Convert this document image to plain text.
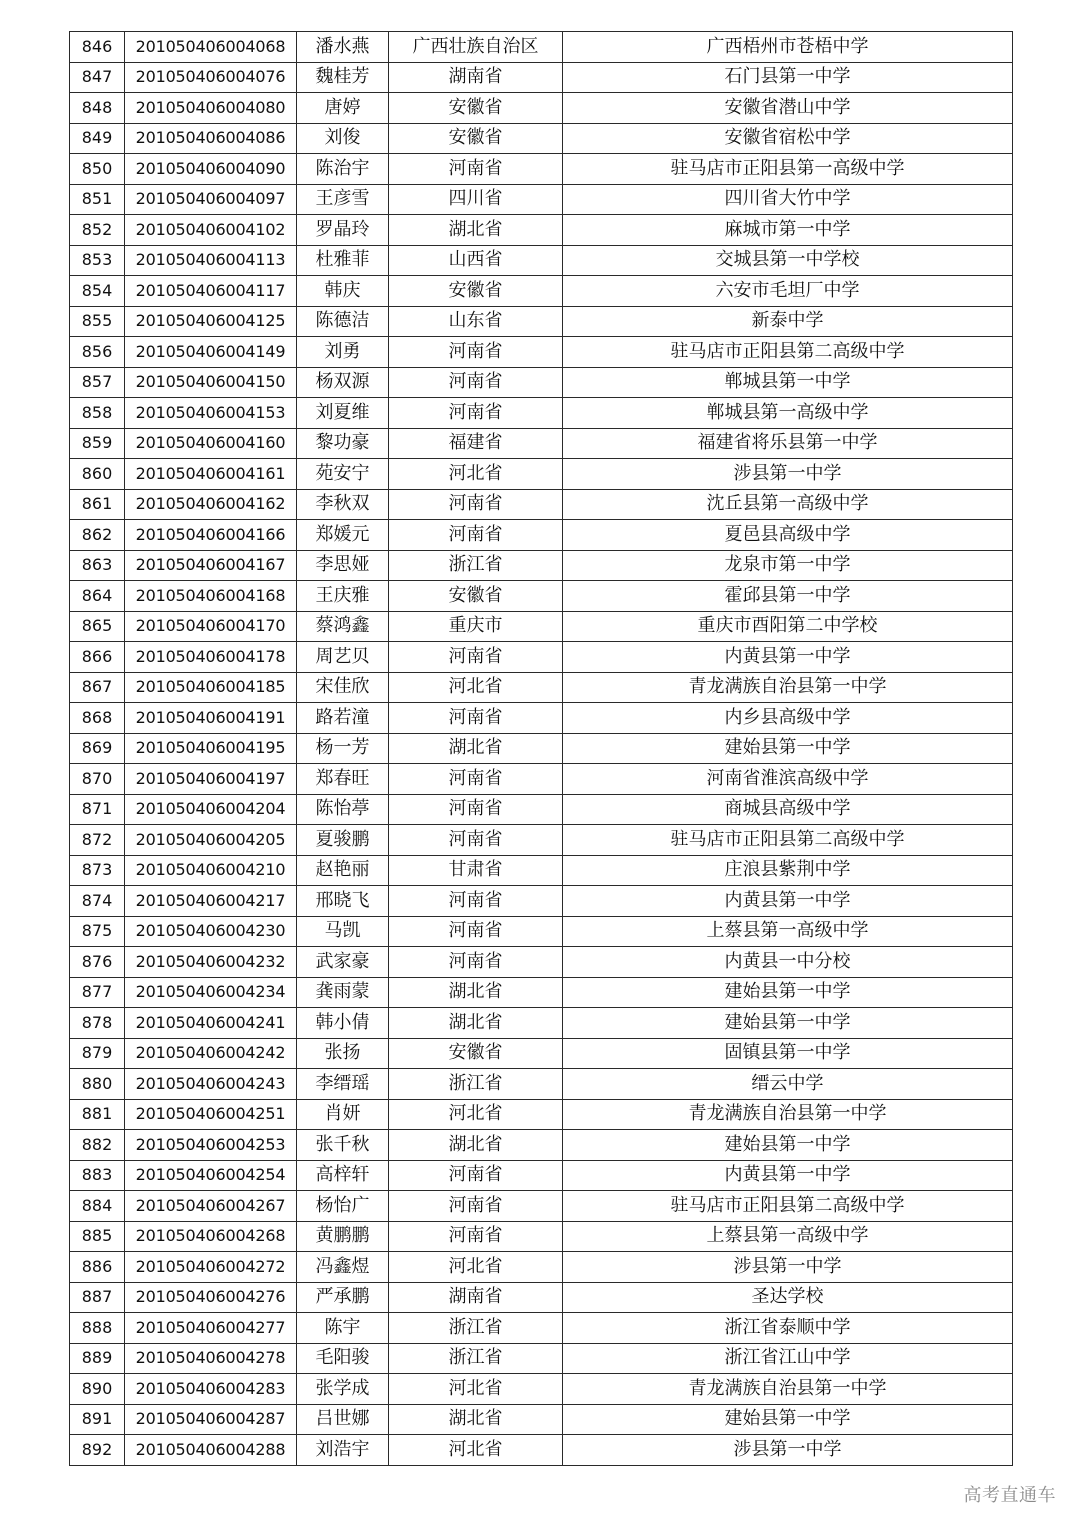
846	201050406004068	潘水燕	广西壮族自治区	广西梧州市苍梧中学
847	201050406004076	魏桂芳	湖南省	石门县第一中学
848	201050406004080	唐婷	安徽省	安徽省潜山中学
849	201050406004086	刘俊	安徽省	安徽省宿松中学
850	201050406004090	陈治宇	河南省	驻马店市正阳县第一高级中学
851	201050406004097	王彦雪	四川省	四川省大竹中学
852	201050406004102	罗晶玲	湖北省	麻城市第一中学
853	201050406004113	杜雅菲	山西省	交城县第一中学校
854	201050406004117	韩庆	安徽省	六安市毛坦厂中学
855	201050406004125	陈德洁	山东省	新泰中学
856	201050406004149	刘勇	河南省	驻马店市正阳县第二高级中学
857	201050406004150	杨双源	河南省	郸城县第一中学
858	201050406004153	刘夏维	河南省	郸城县第一高级中学
859	201050406004160	黎功豪	福建省	福建省将乐县第一中学
860	201050406004161	苑安宁	河北省	涉县第一中学
861	201050406004162	李秋双	河南省	沈丘县第一高级中学
862	201050406004166	郑媛元	河南省	夏邑县高级中学
863	201050406004167	李思娅	浙江省	龙泉市第一中学
864	201050406004168	王庆雅	安徽省	霍邱县第一中学
865	201050406004170	蔡鸿鑫	重庆市	重庆市酉阳第二中学校
866	201050406004178	周艺贝	河南省	内黄县第一中学
867	201050406004185	宋佳欣	河北省	青龙满族自治县第一中学
868	201050406004191	路若潼	河南省	内乡县高级中学
869	201050406004195	杨一芳	湖北省	建始县第一中学
870	201050406004197	郑春旺	河南省	河南省淮滨高级中学
871	201050406004204	陈怡葶	河南省	商城县高级中学
872	201050406004205	夏骏鹏	河南省	驻马店市正阳县第二高级中学
873	201050406004210	赵艳丽	甘肃省	庄浪县紫荆中学
874	201050406004217	邢晓飞	河南省	内黄县第一中学
875	201050406004230	马凯	河南省	上蔡县第一高级中学
876	201050406004232	武家豪	河南省	内黄县一中分校
877	201050406004234	龚雨蒙	湖北省	建始县第一中学
878	201050406004241	韩小倩	湖北省	建始县第一中学
879	201050406004242	张扬	安徽省	固镇县第一中学
880	201050406004243	李缙瑶	浙江省	缙云中学
881	201050406004251	肖妍	河北省	青龙满族自治县第一中学
882	201050406004253	张千秋	湖北省	建始县第一中学
883	201050406004254	高梓轩	河南省	内黄县第一中学
884	201050406004267	杨怡广	河南省	驻马店市正阳县第二高级中学
885	201050406004268	黄鹏鹏	河南省	上蔡县第一高级中学
886	201050406004272	冯鑫煜	河北省	涉县第一中学
887	201050406004276	严承鹏	湖南省	圣达学校
888	201050406004277	陈宇	浙江省	浙江省泰顺中学
889	201050406004278	毛阳骏	浙江省	浙江省江山中学
890	201050406004283	张学成	河北省	青龙满族自治县第一中学
891	201050406004287	吕世娜	湖北省	建始县第一中学
892	201050406004288	刘浩宇	河北省	涉县第一中学
高考直通车
